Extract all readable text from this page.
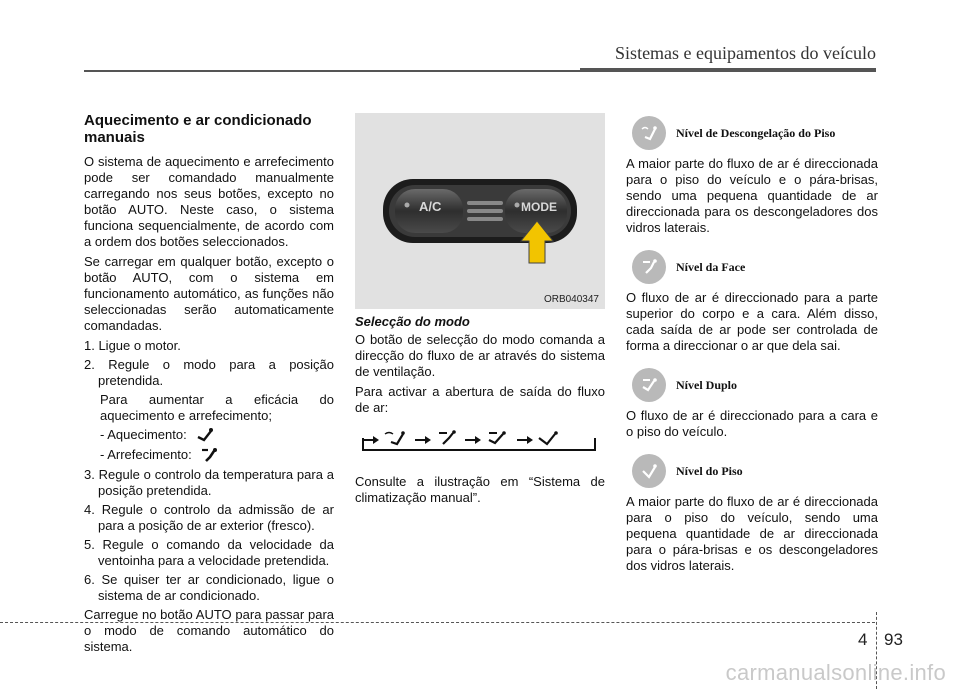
Sistemas e equipamentos do veículo
Aquecimento e ar condicionado manuais

O sistema de aquecimento e arrefecimento pode ser comandado manualmente carregando nos seus botões, excepto no botão AUTO. Neste caso, o sistema funciona sequencialmente, de acordo com a ordem dos botões seleccionados.

Se carregar em qualquer botão, excepto o botão AUTO, com o sistema em funcionamento automático, as funções não seleccionadas serão automaticamente comandadas.

1. Ligue o motor.
2. Regule o modo para a posição pretendida.
Para aumentar a eficácia do aquecimento e arrefecimento;
- Aquecimento:
- Arrefecimento:
3. Regule o controlo da temperatura para a posição pretendida.
4. Regule o controlo da admissão de ar para a posição de ar exterior (fresco).
5. Regule o comando da velocidade da ventoinha para a velocidade pretendida.
6. Se quiser ter ar condicionado, ligue o sistema de ar condicionado.

Carregue no botão AUTO para passar para o modo de comando automático do sistema.

A/C	MODE
ORB040347
Selecção do modo

O botão de selecção do modo comanda a direcção do fluxo de ar através do sistema de ventilação.

Para activar a abertura de saída do fluxo de ar:

Consulte a ilustração em “Sistema de climatização manual”.

Nível de Descongelação do Piso

A maior parte do fluxo de ar é direccionada para o piso do veículo e o pára-brisas, sendo uma pequena quantidade de ar direccionada para os descongeladores dos vidros laterais.

Nível da Face

O fluxo de ar é direccionado para a parte superior do corpo e a cara. Além disso, cada saída de ar pode ser controlada de forma a direccionar o ar que dela sai.

Nível Duplo

O fluxo de ar é direccionado para a cara e o piso do veículo.

Nível do Piso

A maior parte do fluxo de ar é direccionada para o piso do veículo, sendo uma pequena quantidade de ar direccionada para o pára-brisas e os descongeladores dos vidros laterais.

4 93
carmanualsonline.info
